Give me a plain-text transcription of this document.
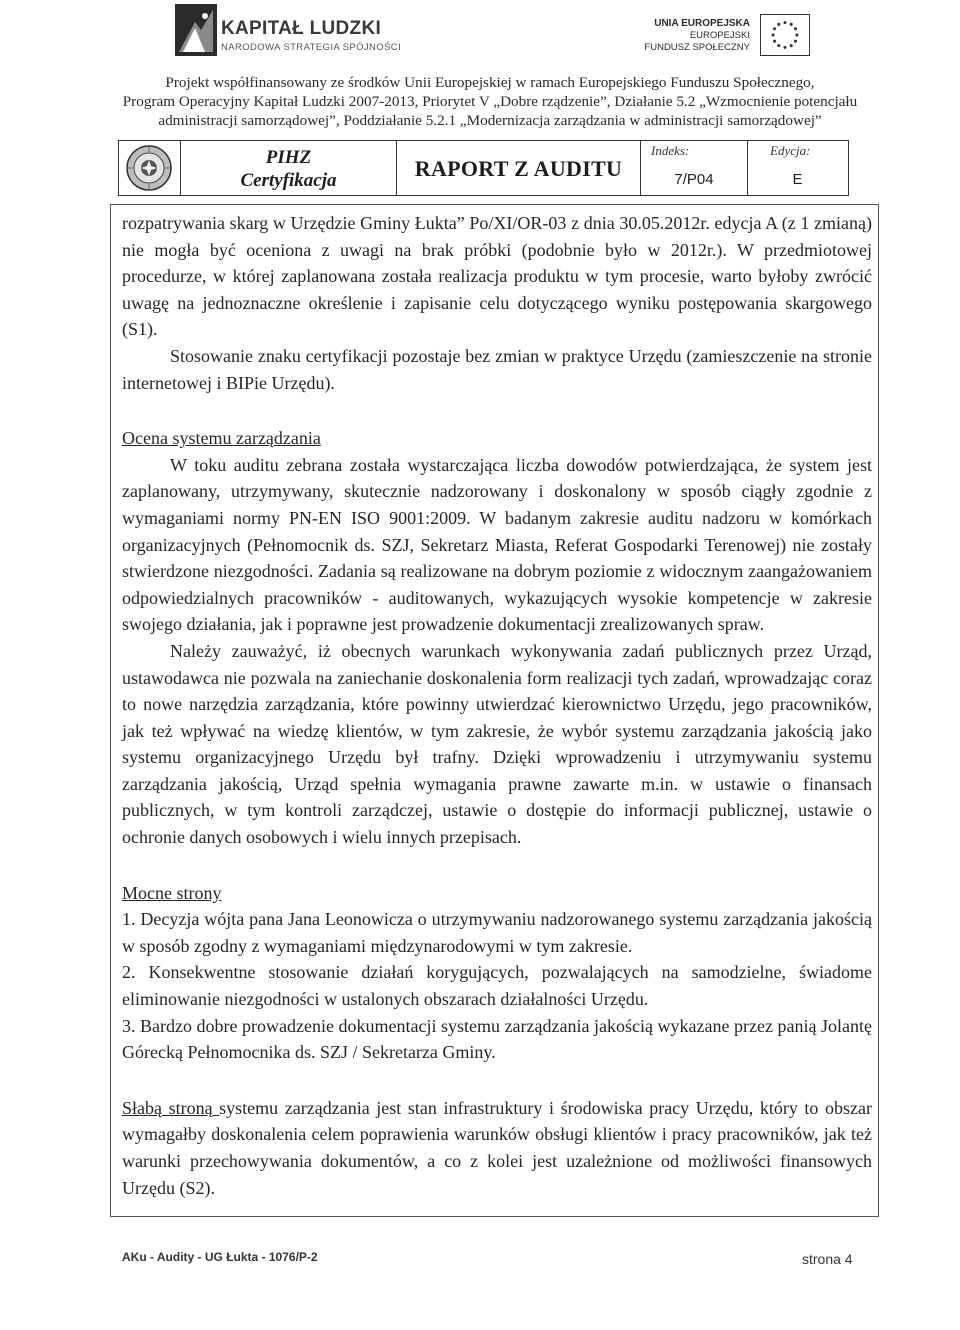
KAPITAŁ LUDZKI
NARODOWA STRATEGIA SPÓJNOŚCI
UNIA EUROPEJSKA
EUROPEJSKI
FUNDUSZ SPOŁECZNY
Projekt współfinansowany ze środków Unii Europejskiej w ramach Europejskiego Funduszu Społecznego,
Program Operacyjny Kapitał Ludzki 2007-2013, Priorytet V „Dobre rządzenie”, Działanie 5.2 „Wzmocnienie potencjału
administracji samorządowej”, Poddziałanie 5.2.1 „Modernizacja zarządzania w administracji samorządowej”
PIHZ
Certyfikacja	RAPORT Z AUDITU
Indeks:
7/P04
Edycja:
E

rozpatrywania skarg w Urzędzie Gminy Łukta” Po/XI/OR-03 z dnia 30.05.2012r. edycja A (z 1 zmianą) nie mogła być oceniona z uwagi na brak próbki (podobnie było w 2012r.). W przedmiotowej procedurze, w której zaplanowana została realizacja produktu w tym procesie, warto byłoby zwrócić uwagę na jednoznaczne określenie i zapisanie celu dotyczącego wyniku postępowania skargowego (S1).

Stosowanie znaku certyfikacji pozostaje bez zmian w praktyce Urzędu (zamieszczenie na stronie internetowej i BIPie Urzędu).

Ocena systemu zarządzania

W toku auditu zebrana została wystarczająca liczba dowodów potwierdzająca, że system jest zaplanowany, utrzymywany, skutecznie nadzorowany i doskonalony w sposób ciągły zgodnie z wymaganiami normy PN-EN ISO 9001:2009. W badanym zakresie auditu nadzoru w komórkach organizacyjnych (Pełnomocnik ds. SZJ, Sekretarz Miasta, Referat Gospodarki Terenowej) nie zostały stwierdzone niezgodności. Zadania są realizowane na dobrym poziomie z widocznym zaangażowaniem odpowiedzialnych pracowników - auditowanych, wykazujących wysokie kompetencje w zakresie swojego działania, jak i poprawne jest prowadzenie dokumentacji zrealizowanych spraw.

Należy zauważyć, iż obecnych warunkach wykonywania zadań publicznych przez Urząd, ustawodawca nie pozwala na zaniechanie doskonalenia form realizacji tych zadań, wprowadzając coraz to nowe narzędzia zarządzania, które powinny utwierdzać kierownictwo Urzędu, jego pracowników, jak też wpływać na wiedzę klientów, w tym zakresie, że wybór systemu zarządzania jakością jako systemu organizacyjnego Urzędu był trafny. Dzięki wprowadzeniu i utrzymywaniu systemu zarządzania jakością, Urząd spełnia wymagania prawne zawarte m.in. w ustawie o finansach publicznych, w tym kontroli zarządczej, ustawie o dostępie do informacji publicznej, ustawie o ochronie danych osobowych i wielu innych przepisach.

Mocne strony

1. Decyzja wójta pana Jana Leonowicza o utrzymywaniu nadzorowanego systemu zarządzania jakością w sposób zgodny z wymaganiami międzynarodowymi w tym zakresie.

2. Konsekwentne stosowanie działań korygujących, pozwalających na samodzielne, świadome eliminowanie niezgodności w ustalonych obszarach działalności Urzędu.

3. Bardzo dobre prowadzenie dokumentacji systemu zarządzania jakością wykazane przez panią Jolantę Górecką Pełnomocnika ds. SZJ / Sekretarza Gminy.

Słabą stroną systemu zarządzania jest stan infrastruktury i środowiska pracy Urzędu, który to obszar wymagałby doskonalenia celem poprawienia warunków obsługi klientów i pracy pracowników, jak też warunki przechowywania dokumentów, a co z kolei jest uzależnione od możliwości finansowych Urzędu (S2).

AKu - Audity - UG Łukta - 1076/P-2	strona 4
